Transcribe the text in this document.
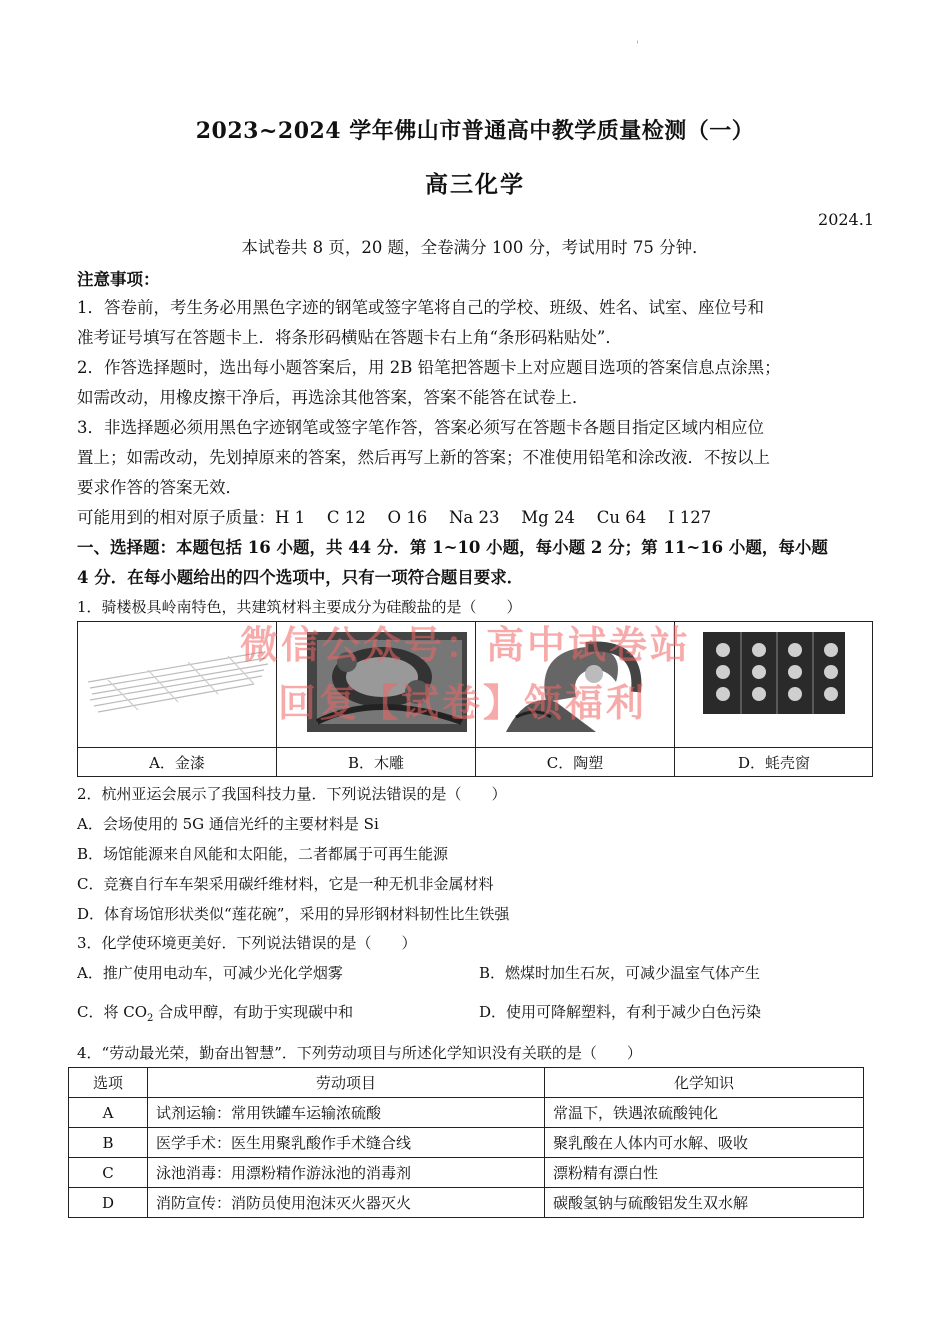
'
2023~2024 学年佛山市普通高中教学质量检测（一）
高三化学
2024.1
本试卷共 8 页，20 题，全卷满分 100 分，考试用时 75 分钟．
注意事项：
1．答卷前，考生务必用黑色字迹的钢笔或签字笔将自己的学校、班级、姓名、试室、座位号和
准考证号填写在答题卡上．将条形码横贴在答题卡右上角“条形码粘贴处”．
2．作答选择题时，选出每小题答案后，用 2B 铅笔把答题卡上对应题目选项的答案信息点涂黑；
如需改动，用橡皮擦干净后，再选涂其他答案，答案不能答在试卷上．
3．非选择题必须用黑色字迹钢笔或签字笔作答，答案必须写在答题卡各题目指定区域内相应位
置上；如需改动，先划掉原来的答案，然后再写上新的答案；不准使用铅笔和涂改液．不按以上
要求作答的答案无效．
可能用到的相对原子质量：H 1　 C 12　 O 16　 Na 23　 Mg 24　 Cu 64　 I 127
一、选择题：本题包括 16 小题，共 44 分．第 1~10 小题，每小题 2 分；第 11~16 小题，每小题
4 分．在每小题给出的四个选项中，只有一项符合题目要求．
1．骑楼极具岭南特色，共建筑材料主要成分为硅酸盐的是（　　）
A．金漆	B．木雕	C．陶塑	D．蚝壳窗
微信公众号：高中试卷站
回复【试卷】领福利
2．杭州亚运会展示了我国科技力量．下列说法错误的是（　　）
A．会场使用的 5G 通信光纤的主要材料是 Si
B．场馆能源来自风能和太阳能，二者都属于可再生能源
C．竞赛自行车车架采用碳纤维材料，它是一种无机非金属材料
D．体育场馆形状类似“莲花碗”，采用的异形钢材料韧性比生铁强
3．化学使环境更美好．下列说法错误的是（　　）
A．推广使用电动车，可减少光化学烟雾	B．燃煤时加生石灰，可减少温室气体产生
C．将 $CO_2$ 合成甲醇，有助于实现碳中和	D．使用可降解塑料，有利于减少白色污染
4．“劳动最光荣，勤奋出智慧”．下列劳动项目与所述化学知识没有关联的是（　　）
选项	劳动项目	化学知识
A	试剂运输：常用铁罐车运输浓硫酸	常温下，铁遇浓硫酸钝化
B	医学手术：医生用聚乳酸作手术缝合线	聚乳酸在人体内可水解、吸收
C	泳池消毒：用漂粉精作游泳池的消毒剂	漂粉精有漂白性
D	消防宣传：消防员使用泡沫灭火器灭火	碳酸氢钠与硫酸铝发生双水解
